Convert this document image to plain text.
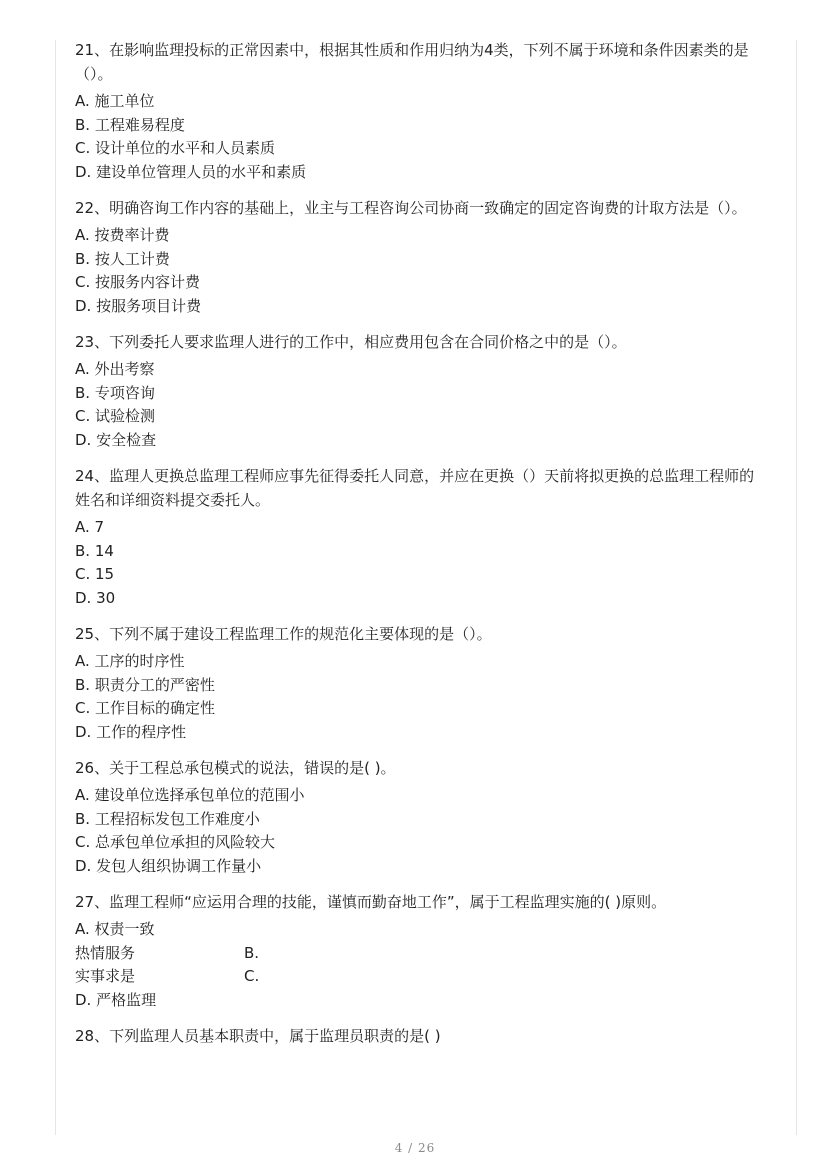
21、在影响监理投标的正常因素中，根据其性质和作用归纳为4类，下列不属于环境和条件因素类的是（）。

A. 施工单位

B. 工程难易程度

C. 设计单位的水平和人员素质

D. 建设单位管理人员的水平和素质

22、明确咨询工作内容的基础上，业主与工程咨询公司协商一致确定的固定咨询费的计取方法是（）。

A. 按费率计费

B. 按人工计费

C. 按服务内容计费

D. 按服务项目计费

23、下列委托人要求监理人进行的工作中，相应费用包含在合同价格之中的是（）。

A. 外出考察

B. 专项咨询

C. 试验检测

D. 安全检查

24、监理人更换总监理工程师应事先征得委托人同意，并应在更换（）天前将拟更换的总监理工程师的姓名和详细资料提交委托人。

A. 7

B. 14

C. 15

D. 30

25、下列不属于建设工程监理工作的规范化主要体现的是（）。

A. 工序的时序性

B. 职责分工的严密性

C. 工作目标的确定性

D. 工作的程序性

26、关于工程总承包模式的说法，错误的是( )。

A. 建设单位选择承包单位的范围小

B. 工程招标发包工作难度小

C. 总承包单位承担的风险较大

D. 发包人组织协调工作量小

27、监理工程师“应运用合理的技能，谨慎而勤奋地工作”，属于工程监理实施的( )原则。

A. 权责一致

热情服务	B.
实事求是	C.

D. 严格监理

28、下列监理人员基本职责中，属于监理员职责的是( )

4 / 26
